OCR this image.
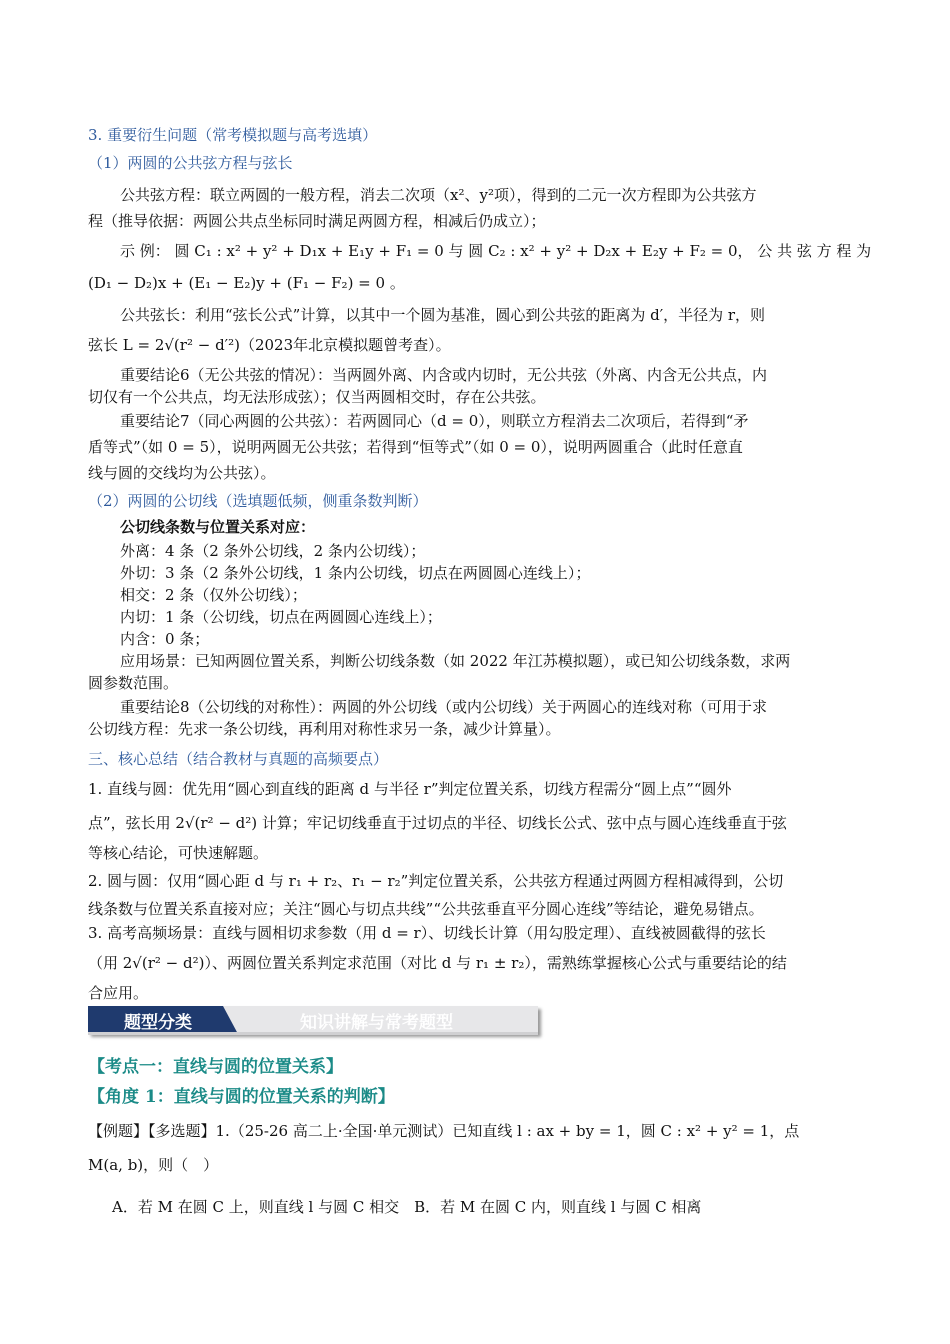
3. 重要衍生问题（常考模拟题与高考选填）
（1）两圆的公共弦方程与弦长
公共弦方程：联立两圆的一般方程，消去二次项（x²、y²项），得到的二元一次方程即为公共弦方
程（推导依据：两圆公共点坐标同时满足两圆方程，相减后仍成立）；
示 例： 圆 C₁ : x² + y² + D₁x + E₁y + F₁ = 0 与 圆 C₂ : x² + y² + D₂x + E₂y + F₂ = 0， 公 共 弦 方 程 为
(D₁ − D₂)x + (E₁ − E₂)y + (F₁ − F₂) = 0 。
公共弦长：利用“弦长公式”计算，以其中一个圆为基准，圆心到公共弦的距离为 d′，半径为 r，则
弦长 L = 2√(r² − d′²)（2023年北京模拟题曾考查）。
重要结论6（无公共弦的情况）：当两圆外离、内含或内切时，无公共弦（外离、内含无公共点，内
切仅有一个公共点，均无法形成弦）；仅当两圆相交时，存在公共弦。
重要结论7（同心两圆的公共弦）：若两圆同心（d = 0），则联立方程消去二次项后，若得到“矛
盾等式”（如 0 = 5），说明两圆无公共弦；若得到“恒等式”（如 0 = 0），说明两圆重合（此时任意直
线与圆的交线均为公共弦）。
（2）两圆的公切线（选填题低频，侧重条数判断）
公切线条数与位置关系对应：
外离：4 条（2 条外公切线，2 条内公切线）；
外切：3 条（2 条外公切线，1 条内公切线，切点在两圆圆心连线上）；
相交：2 条（仅外公切线）；
内切：1 条（公切线，切点在两圆圆心连线上）；
内含：0 条；
应用场景：已知两圆位置关系，判断公切线条数（如 2022 年江苏模拟题），或已知公切线条数，求两
圆参数范围。
重要结论8（公切线的对称性）：两圆的外公切线（或内公切线）关于两圆心的连线对称（可用于求
公切线方程：先求一条公切线，再利用对称性求另一条，减少计算量）。
三、核心总结（结合教材与真题的高频要点）
1. 直线与圆：优先用“圆心到直线的距离 d 与半径 r”判定位置关系，切线方程需分“圆上点”“圆外
点”，弦长用 2√(r² − d²) 计算；牢记切线垂直于过切点的半径、切线长公式、弦中点与圆心连线垂直于弦
等核心结论，可快速解题。
2. 圆与圆：仅用“圆心距 d 与 r₁ + r₂、r₁ − r₂”判定位置关系，公共弦方程通过两圆方程相减得到，公切
线条数与位置关系直接对应；关注“圆心与切点共线”“公共弦垂直平分圆心连线”等结论，避免易错点。
3. 高考高频场景：直线与圆相切求参数（用 d = r）、切线长计算（用勾股定理）、直线被圆截得的弦长
（用 2√(r² − d²)）、两圆位置关系判定求范围（对比 d 与 r₁ ± r₂），需熟练掌握核心公式与重要结论的结
合应用。
题型分类	知识讲解与常考题型
【考点一：直线与圆的位置关系】
【角度 1：直线与圆的位置关系的判断】
【例题】【多选题】1.（25-26 高二上·全国·单元测试）已知直线 l : ax + by = 1，圆 C : x² + y² = 1，点
M(a, b)，则（　）
A．若 M 在圆 C 上，则直线 l 与圆 C 相交　B．若 M 在圆 C 内，则直线 l 与圆 C 相离
